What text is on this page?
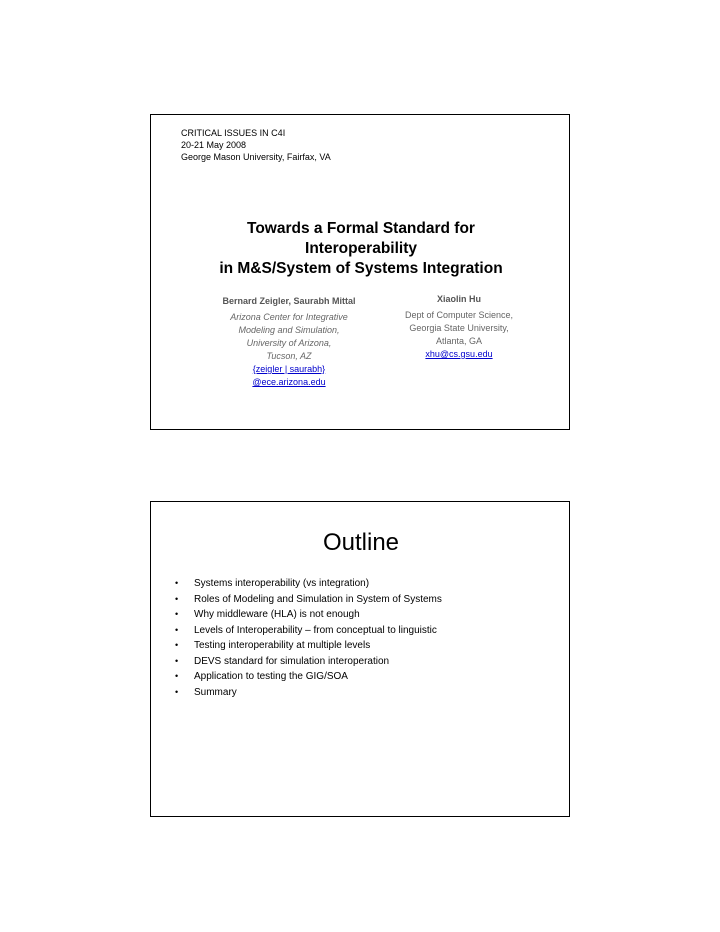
CRITICAL ISSUES IN C4I
20-21 May 2008
George Mason University, Fairfax, VA
Towards a Formal Standard for
Interoperability
in M&S/System of Systems Integration
Bernard Zeigler, Saurabh Mittal
Arizona Center for Integrative
Modeling and Simulation,
University of Arizona,
Tucson, AZ
{zeigler | saurabh}
@ece.arizona.edu
Xiaolin Hu
Dept of Computer Science,
Georgia State University,
Atlanta, GA
xhu@cs.gsu.edu
Outline
• Systems interoperability (vs integration)
• Roles of Modeling and Simulation in System of Systems
• Why middleware (HLA) is not enough
• Levels of Interoperability – from conceptual to linguistic
• Testing interoperability at multiple levels
• DEVS standard for simulation interoperation
• Application to testing the GIG/SOA
• Summary
